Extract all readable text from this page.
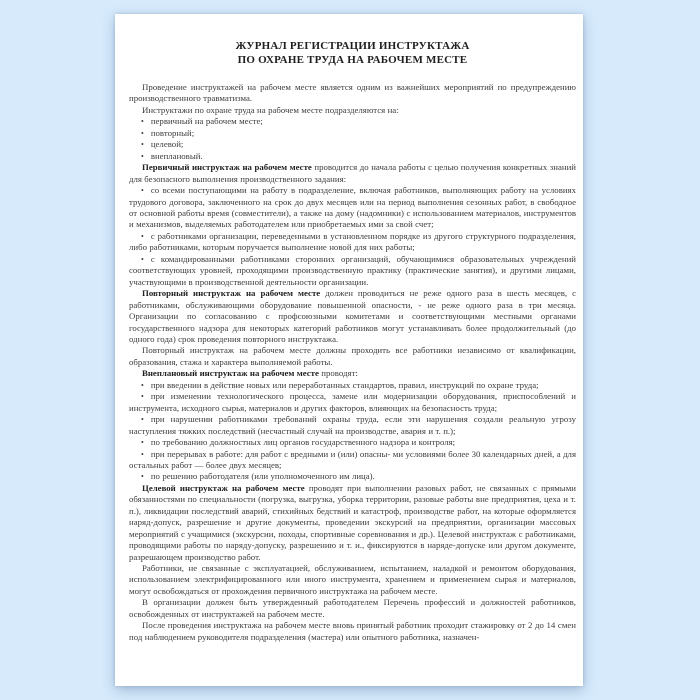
ЖУРНАЛ РЕГИСТРАЦИИ ИНСТРУКТАЖА
ПО ОХРАНЕ ТРУДА НА РАБОЧЕМ МЕСТЕ

Проведение инструктажей на рабочем месте является одним из важнейших мероприятий по предупреждению производственного травматизма.

Инструктажи по охране труда на рабочем месте подразделяются на:

• первичный на рабочем месте;

• повторный;

• целевой;

• внеплановый.

Первичный инструктаж на рабочем месте проводится до начала работы с целью получения конкретных знаний для безопасного выполнения производственного задания:

• со всеми поступающими на работу в подразделение, включая работников, выполняющих работу на условиях трудового договора, заключенного на срок до двух месяцев или на период выполнения сезонных работ, в свободное от основной работы время (совместители), а также на дому (надомники) с использованием материалов, инструментов и механизмов, выделяемых работодателем или приобретаемых ими за свой счет;

• с работниками организации, переведенными в установленном порядке из другого структурного подразделения, либо работниками, которым поручается выполнение новой для них работы;

• с командированными работниками сторонних организаций, обучающимися образовательных учреждений соответствующих уровней, проходящими производственную практику (практические занятия), и другими лицами, участвующими в производственной деятельности организации.

Повторный инструктаж на рабочем месте должен проводиться не реже одного раза в шесть месяцев, с работниками, обслуживающими оборудование повышенной опасности, - не реже одного раза в три месяца. Организации по согласованию с профсоюзными комитетами и соответствующими местными органами государственного надзора для некоторых категорий работников могут устанавливать более продолжительный (до одного года) срок проведения повторного инструктажа.

Повторный инструктаж на рабочем месте должны проходить все работники независимо от квалификации, образования, стажа и характера выполняемой работы.

Внеплановый инструктаж на рабочем месте проводят:

• при введении в действие новых или переработанных стандартов, правил, инструкций по охране труда;

• при изменении технологического процесса, замене или модернизации оборудования, приспособлений и инструмента, исходного сырья, материалов и других факторов, влияющих на безопасность труда;

• при нарушении работниками требований охраны труда, если эти нарушения создали реальную угрозу наступления тяжких последствий (несчастный случай на производстве, авария и т. п.);

• по требованию должностных лиц органов государственного надзора и контроля;

• при перерывах в работе: для работ с вредными и (или) опасны- ми условиями более 30 календарных дней, а для остальных работ — более двух месяцев;

• по решению работодателя (или уполномоченного им лица).

Целевой инструктаж на рабочем месте проводят при выполнении разовых работ, не связанных с прямыми обязанностями по специальности (погрузка, выгрузка, уборка территории, разовые работы вне предприятия, цеха и т. п.), ликвидации последствий аварий, стихийных бедствий и катастроф, производстве работ, на которые оформляется наряд-допуск, разрешение и другие документы, проведении экскурсий на предприятии, организации массовых мероприятий с учащимися (экскурсии, походы, спортивные соревнования и др.). Целевой инструктаж с работниками, проводящими работы по наряду-допуску, разрешению и т. и., фиксируются в наряде-допуске или другом документе, разрешающем производство работ.

Работники, не связанные с эксплуатацией, обслуживанием, испытанием, наладкой и ремонтом оборудования, использованием электрифицированного или иного инструмента, хранением и применением сырья и материалов, могут освобождаться от прохождения первичного инструктажа на рабочем месте.

В организации должен быть утвержденный работодателем Перечень профессий и должностей работников, освобожденных от инструктажей на рабочем месте.

После проведения инструктажа на рабочем месте вновь принятый работник проходит стажировку от 2 до 14 смен под наблюдением руководителя подразделения (мастера) или опытного работника, назначен-
